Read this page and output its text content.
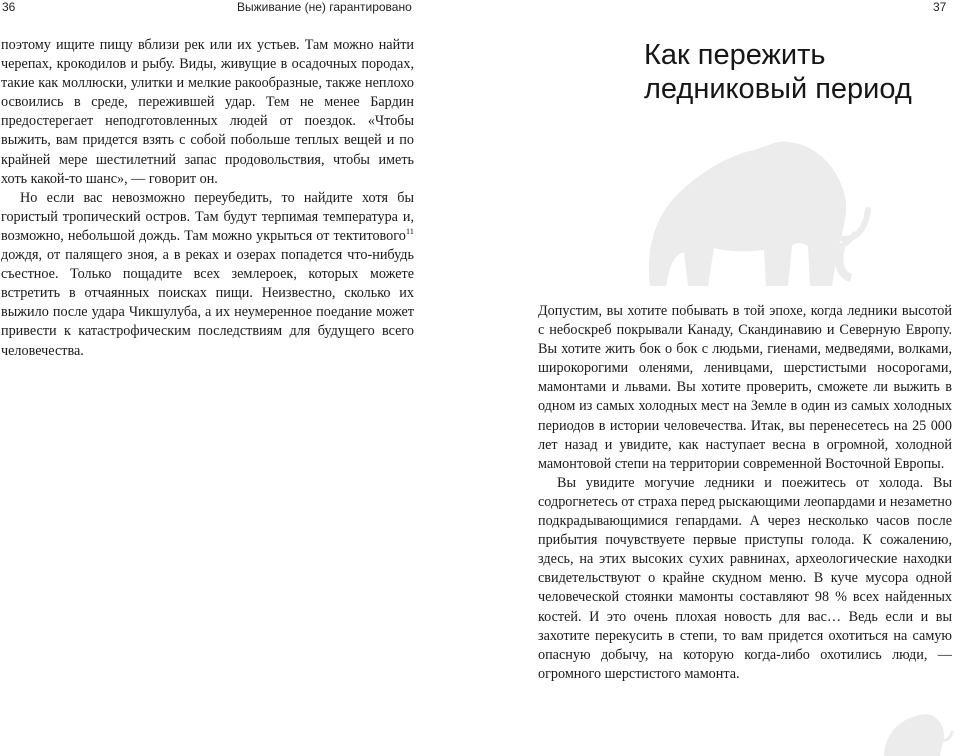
36	Выживание (не) гарантировано	37

поэтому ищите пищу вблизи рек или их устьев. Там можно найти черепах, крокодилов и рыбу. Виды, живущие в осадочных породах, такие как моллюски, улитки и мелкие ракообразные, также неплохо освоились в среде, пережившей удар. Тем не менее Бардин предостерегает неподготовленных людей от поездок. «Чтобы выжить, вам придется взять с собой побольше теплых вещей и по крайней мере шестилетний запас продовольствия, чтобы иметь хоть какой-то шанс», — говорит он.

Но если вас невозможно переубедить, то найдите хотя бы гористый тропический остров. Там будут терпимая температура и, возможно, небольшой дождь. Там можно укрыться от тектитового$^{11}$ дождя, от палящего зноя, а в реках и озерах попадется что-нибудь съестное. Только пощадите всех землероек, которых можете встретить в отчаянных поисках пищи. Неизвестно, сколько их выжило после удара Чикшулуба, а их неумеренное поедание может привести к катастрофическим последствиям для будущего всего человечества.

Как пережить ледниковый период

Допустим, вы хотите побывать в той эпохе, когда ледники высотой с небоскреб покрывали Канаду, Скандинавию и Северную Европу. Вы хотите жить бок о бок с людьми, гиенами, медведями, волками, широкорогими оленями, ленивцами, шерстистыми носорогами, мамонтами и львами. Вы хотите проверить, сможете ли выжить в одном из самых холодных мест на Земле в один из самых холодных периодов в истории человечества. Итак, вы перенесетесь на 25 000 лет назад и увидите, как наступает весна в огромной, холодной мамонтовой степи на территории современной Восточной Европы.

Вы увидите могучие ледники и поежитесь от холода. Вы содрогнетесь от страха перед рыскающими леопардами и незаметно подкрадывающимися гепардами. А через несколько часов после прибытия почувствуете первые приступы голода. К сожалению, здесь, на этих высоких сухих равнинах, археологические находки свидетельствуют о крайне скудном меню. В куче мусора одной человеческой стоянки мамонты составляют 98 % всех найденных костей. И это очень плохая новость для вас… Ведь если и вы захотите перекусить в степи, то вам придется охотиться на самую опасную добычу, на которую когда-либо охотились люди, — огромного шерстистого мамонта.
